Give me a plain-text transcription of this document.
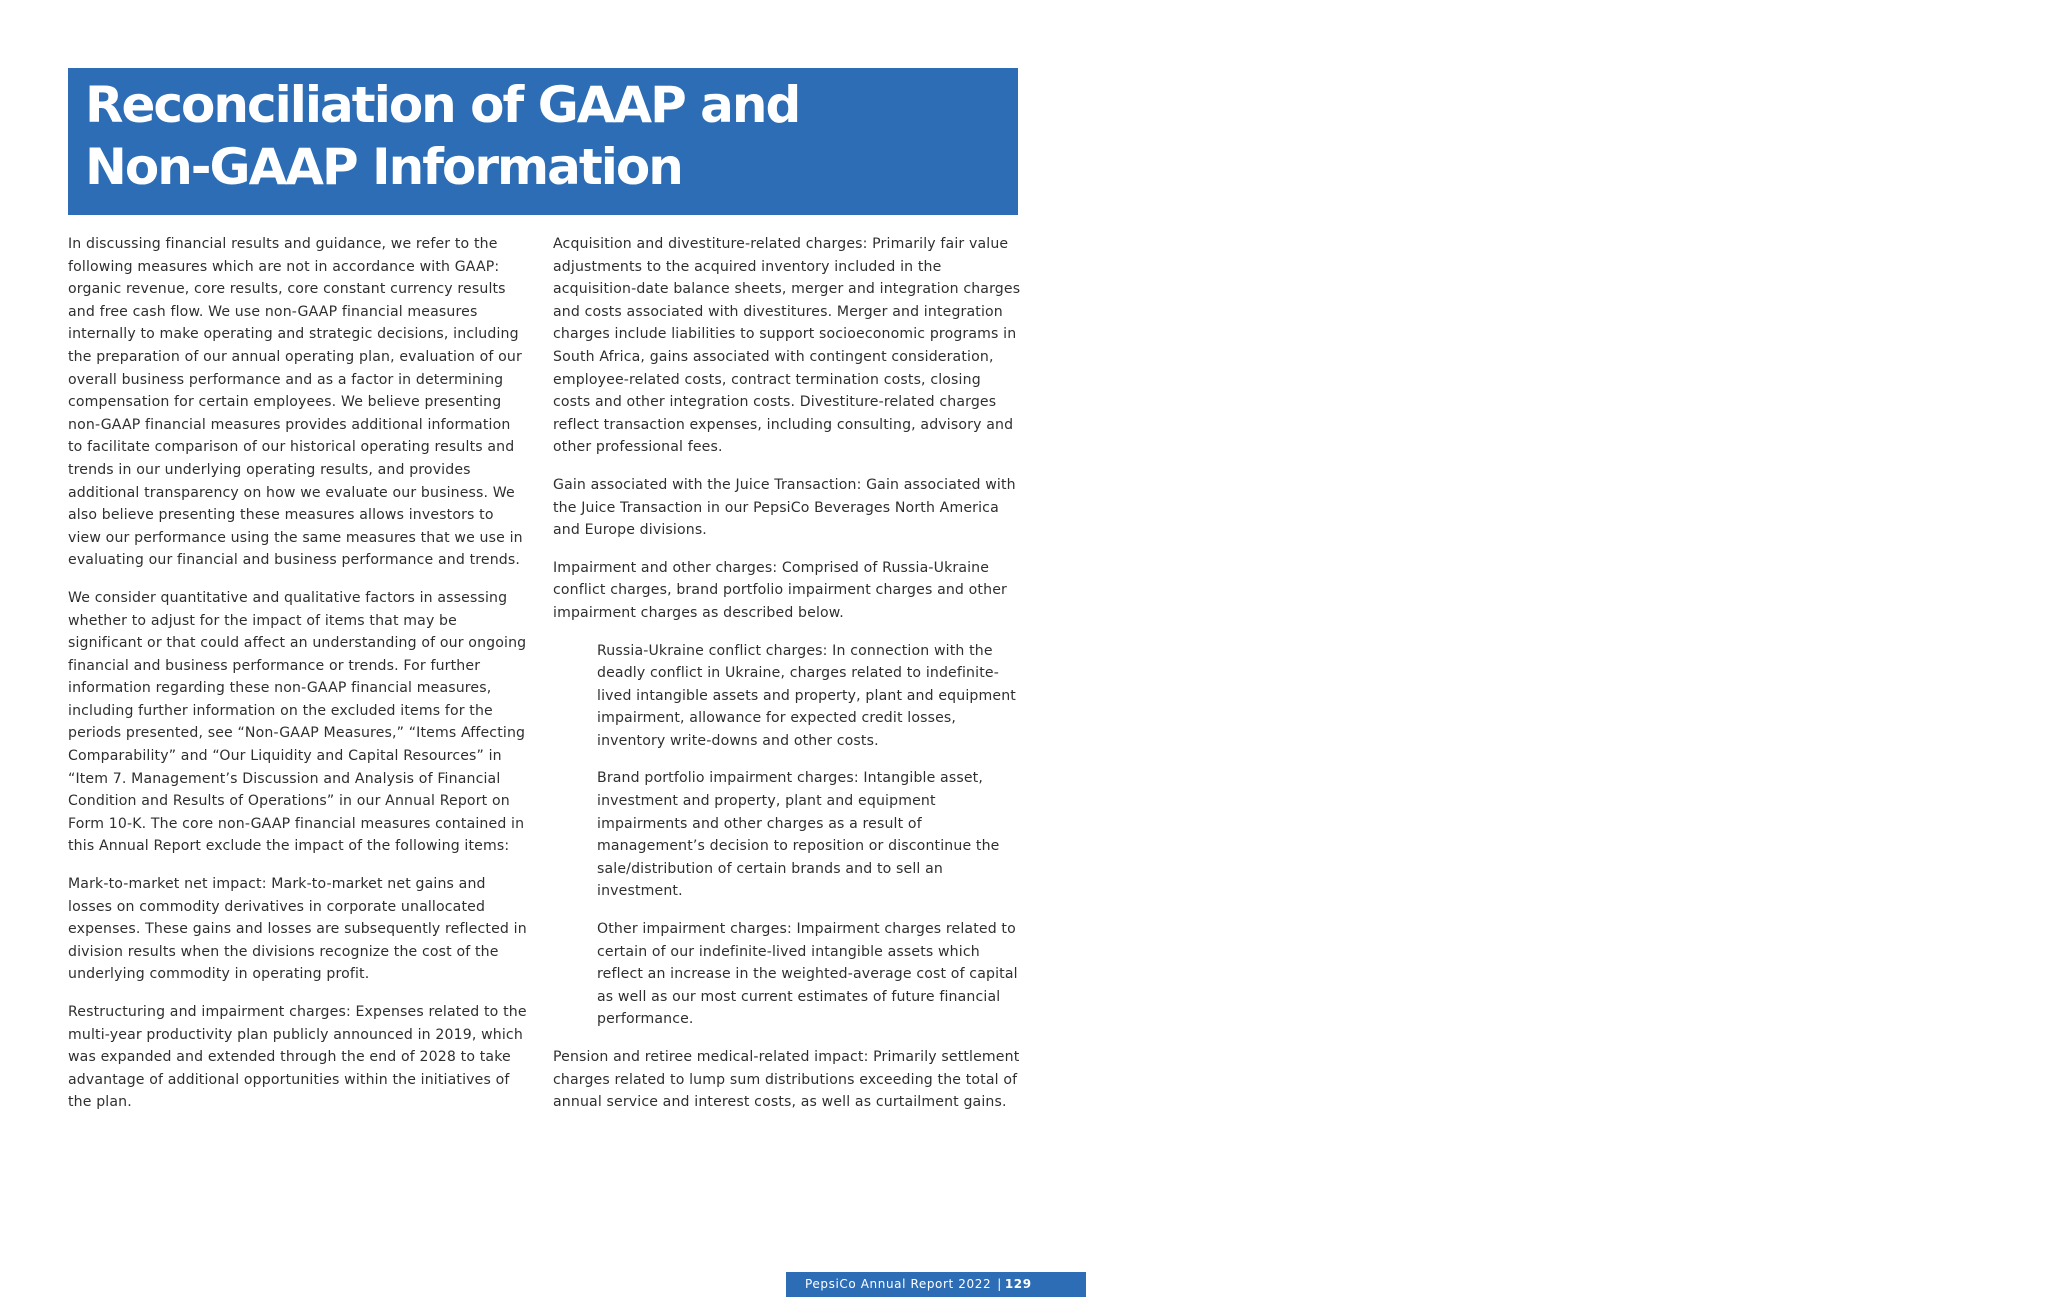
Reconciliation of GAAP and
Non-GAAP Information

In discussing financial results and guidance, we refer to the following measures which are not in accordance with GAAP: organic revenue, core results, core constant currency results and free cash flow. We use non-GAAP financial measures internally to make operating and strategic decisions, including the preparation of our annual operating plan, evaluation of our overall business performance and as a factor in determining compensation for certain employees. We believe presenting non-GAAP financial measures provides additional information to facilitate comparison of our historical operating results and trends in our underlying operating results, and provides additional transparency on how we evaluate our business. We also believe presenting these measures allows investors to view our performance using the same measures that we use in evaluating our financial and business performance and trends.

We consider quantitative and qualitative factors in assessing whether to adjust for the impact of items that may be significant or that could affect an understanding of our ongoing financial and business performance or trends. For further information regarding these non-GAAP financial measures, including further information on the excluded items for the periods presented, see “Non-GAAP Measures,” “Items Affecting Comparability” and “Our Liquidity and Capital Resources” in “Item 7. Management’s Discussion and Analysis of Financial Condition and Results of Operations” in our Annual Report on Form 10-K. The core non-GAAP financial measures contained in this Annual Report exclude the impact of the following items:

Mark-to-market net impact: Mark-to-market net gains and losses on commodity derivatives in corporate unallocated expenses. These gains and losses are subsequently reflected in division results when the divisions recognize the cost of the underlying commodity in operating profit.

Restructuring and impairment charges: Expenses related to the multi-year productivity plan publicly announced in 2019, which was expanded and extended through the end of 2028 to take advantage of additional opportunities within the initiatives of the plan.

Acquisition and divestiture-related charges: Primarily fair value adjustments to the acquired inventory included in the acquisition-date balance sheets, merger and integration charges and costs associated with divestitures. Merger and integration charges include liabilities to support socioeconomic programs in South Africa, gains associated with contingent consideration, employee-related costs, contract termination costs, closing costs and other integration costs. Divestiture-related charges reflect transaction expenses, including consulting, advisory and other professional fees.

Gain associated with the Juice Transaction: Gain associated with the Juice Transaction in our PepsiCo Beverages North America and Europe divisions.

Impairment and other charges: Comprised of Russia-Ukraine conflict charges, brand portfolio impairment charges and other impairment charges as described below.

Russia-Ukraine conflict charges: In connection with the deadly conflict in Ukraine, charges related to indefinite-lived intangible assets and property, plant and equipment impairment, allowance for expected credit losses, inventory write-downs and other costs.

Brand portfolio impairment charges: Intangible asset, investment and property, plant and equipment impairments and other charges as a result of management’s decision to reposition or discontinue the sale/distribution of certain brands and to sell an investment.

Other impairment charges: Impairment charges related to certain of our indefinite-lived intangible assets which reflect an increase in the weighted-average cost of capital as well as our most current estimates of future financial performance.

Pension and retiree medical-related impact: Primarily settlement charges related to lump sum distributions exceeding the total of annual service and interest costs, as well as curtailment gains.

PepsiCo Annual Report 2022 | 129
